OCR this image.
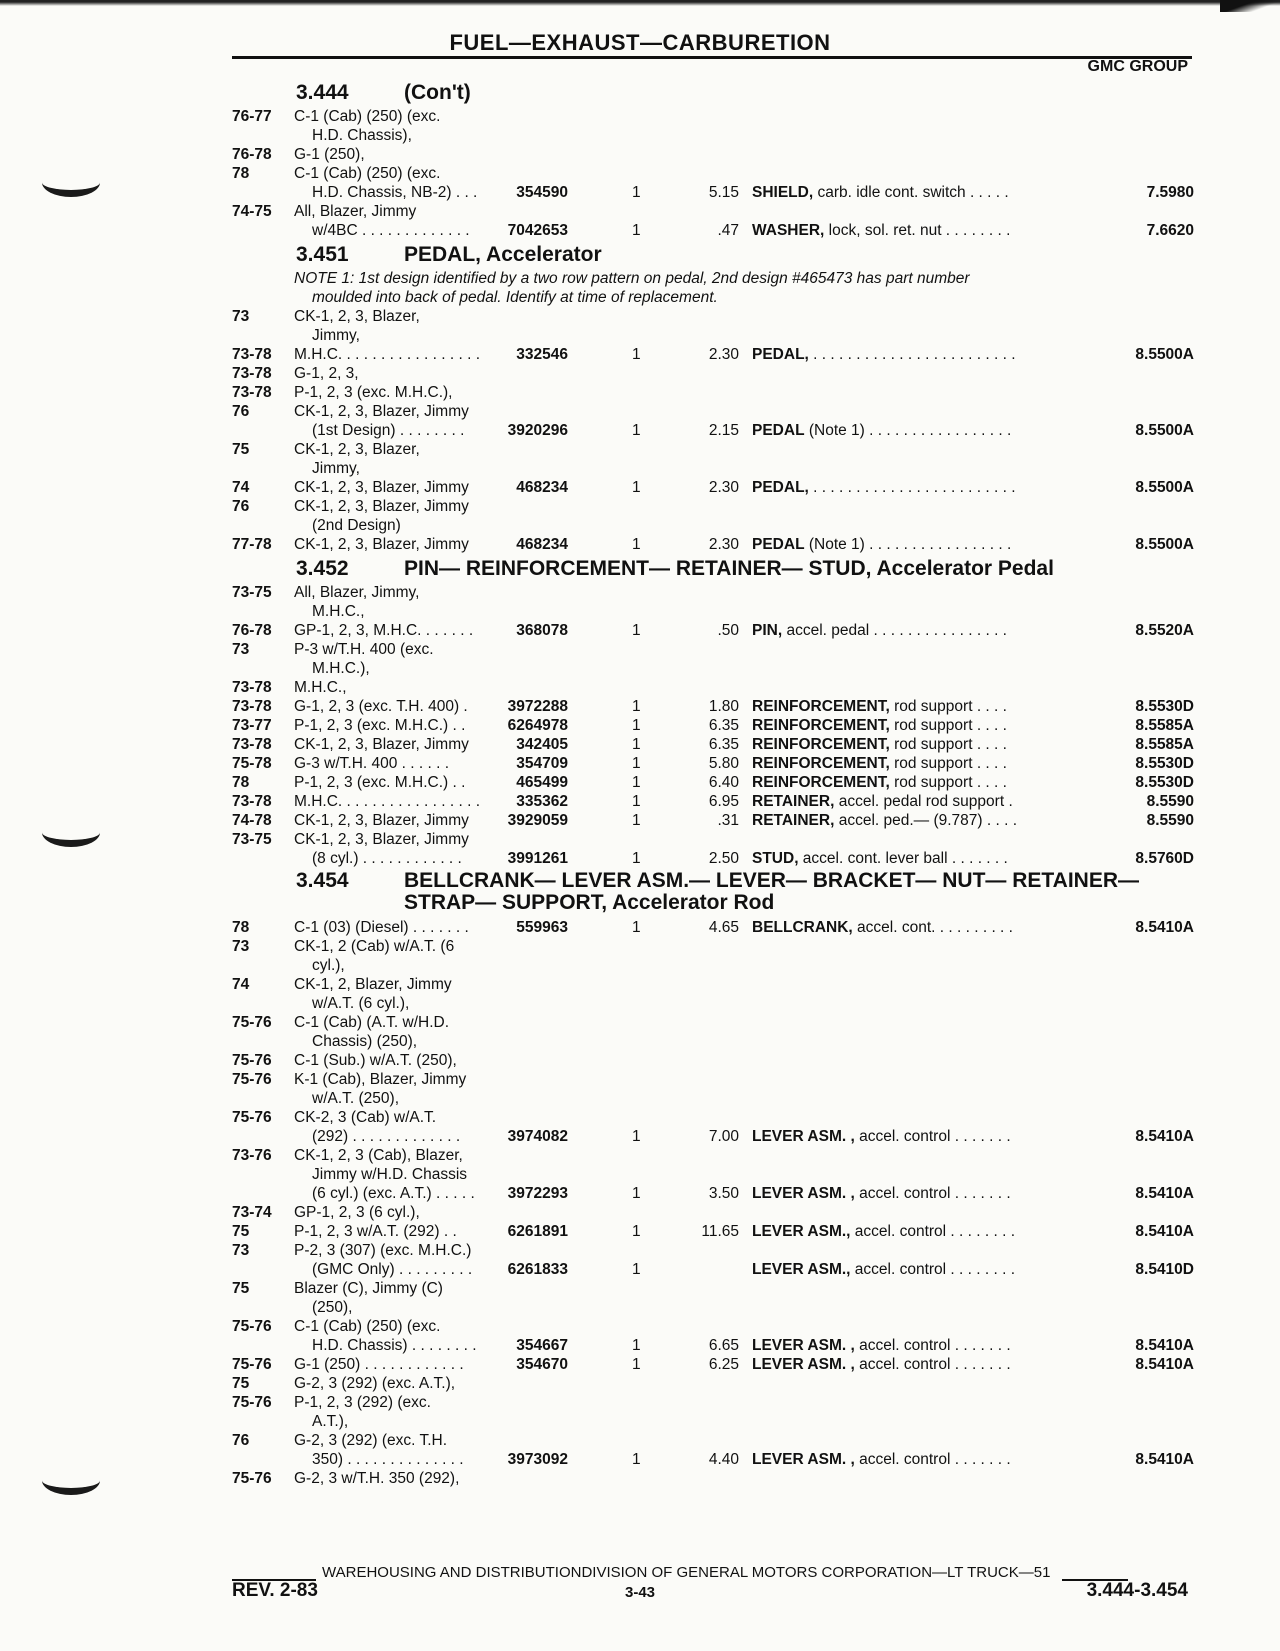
FUEL—EXHAUST—CARBURETION
GMC GROUP
3.444	(Con't)
76-77 C-1 (Cab) (250) (exc.
H.D. Chassis),
76-78 G-1 (250),
78	C-1 (Cab) (250) (exc.
H.D. Chassis, NB-2) . . .	354590	1	5.15 SHIELD, carb. idle cont. switch . . . . .	7.5980
74-75 All, Blazer, Jimmy
w/4BC . . . . . . . . . . . . . 7042653	1	.47 WASHER, lock, sol. ret. nut . . . . . . . .	7.6620
3.451	PEDAL, Accelerator
NOTE 1: 1st design identified by a two row pattern on pedal, 2nd design #465473 has part number
moulded into back of pedal. Identify at time of replacement.
73	CK-1, 2, 3, Blazer,
Jimmy,
73-78 M.H.C. . . . . . . . . . . . . . . . . 332546	1	2.30 PEDAL, . . . . . . . . . . . . . . . . . . . . . . . .	8.5500A
73-78 G-1, 2, 3,
73-78 P-1, 2, 3 (exc. M.H.C.),
76	CK-1, 2, 3, Blazer, Jimmy
(1st Design) . . . . . . . .	3920296	1	2.15 PEDAL (Note 1) . . . . . . . . . . . . . . . . .	8.5500A
75	CK-1, 2, 3, Blazer,
Jimmy,
74	CK-1, 2, 3, Blazer, Jimmy	468234	1	2.30 PEDAL, . . . . . . . . . . . . . . . . . . . . . . . .	8.5500A
76	CK-1, 2, 3, Blazer, Jimmy
(2nd Design)
77-78 CK-1, 2, 3, Blazer, Jimmy	468234	1	2.30 PEDAL (Note 1) . . . . . . . . . . . . . . . . .	8.5500A
3.452	PIN— REINFORCEMENT— RETAINER— STUD, Accelerator Pedal
73-75 All, Blazer, Jimmy,
M.H.C.,
76-78 GP-1, 2, 3, M.H.C. . . . . . .	368078	1	.50 PIN, accel. pedal . . . . . . . . . . . . . . . .	8.5520A
73	P-3 w/T.H. 400 (exc.
M.H.C.),
73-78 M.H.C.,
73-78 G-1, 2, 3 (exc. T.H. 400) .	3972288	1	1.80 REINFORCEMENT, rod support . . . .	8.5530D
73-77 P-1, 2, 3 (exc. M.H.C.) . .	6264978	1	6.35 REINFORCEMENT, rod support . . . .	8.5585A
73-78 CK-1, 2, 3, Blazer, Jimmy	342405	1	6.35 REINFORCEMENT, rod support . . . .	8.5585A
75-78 G-3 w/T.H. 400 . . . . . .	354709	1	5.80 REINFORCEMENT, rod support . . . .	8.5530D
78	P-1, 2, 3 (exc. M.H.C.) . .	465499	1	6.40 REINFORCEMENT, rod support . . . .	8.5530D
73-78 M.H.C. . . . . . . . . . . . . . . . . 335362	1	6.95 RETAINER, accel. pedal rod support .	8.5590
74-78 CK-1, 2, 3, Blazer, Jimmy	3929059	1	.31 RETAINER, accel. ped.— (9.787) . . . .	8.5590
73-75 CK-1, 2, 3, Blazer, Jimmy
(8 cyl.) . . . . . . . . . . . .	3991261	1	2.50 STUD, accel. cont. lever ball . . . . . . .	8.5760D
3.454	BELLCRANK— LEVER ASM.— LEVER— BRACKET— NUT— RETAINER—
STRAP— SUPPORT, Accelerator Rod
78	C-1 (03) (Diesel) . . . . . . .	559963	1	4.65 BELLCRANK, accel. cont. . . . . . . . . .	8.5410A
73	CK-1, 2 (Cab) w/A.T. (6
cyl.),
74	CK-1, 2, Blazer, Jimmy
w/A.T. (6 cyl.),
75-76 C-1 (Cab) (A.T. w/H.D.
Chassis) (250),
75-76 C-1 (Sub.) w/A.T. (250),
75-76 K-1 (Cab), Blazer, Jimmy
w/A.T. (250),
75-76 CK-2, 3 (Cab) w/A.T.
(292) . . . . . . . . . . . . .	3974082	1	7.00 LEVER ASM. , accel. control . . . . . . .	8.5410A
73-76 CK-1, 2, 3 (Cab), Blazer,
Jimmy w/H.D. Chassis
(6 cyl.) (exc. A.T.) . . . . . 3972293	1	3.50 LEVER ASM. , accel. control . . . . . . .	8.5410A
73-74 GP-1, 2, 3 (6 cyl.),
75	P-1, 2, 3 w/A.T. (292) . .	6261891	1	11.65 LEVER ASM., accel. control . . . . . . . .	8.5410A
73	P-2, 3 (307) (exc. M.H.C.)
(GMC Only) . . . . . . . . . 6261833	1	LEVER ASM., accel. control . . . . . . . .	8.5410D
75	Blazer (C), Jimmy (C)
(250),
75-76 C-1 (Cab) (250) (exc.
H.D. Chassis) . . . . . . . .	354667	1	6.65 LEVER ASM. , accel. control . . . . . . .	8.5410A
75-76 G-1 (250) . . . . . . . . . . . .	354670	1	6.25 LEVER ASM. , accel. control . . . . . . .	8.5410A
75	G-2, 3 (292) (exc. A.T.),
75-76 P-1, 2, 3 (292) (exc.
A.T.),
76	G-2, 3 (292) (exc. T.H.
350) . . . . . . . . . . . . . .	3973092	1	4.40 LEVER ASM. , accel. control . . . . . . .	8.5410A
75-76 G-2, 3 w/T.H. 350 (292),
WAREHOUSING AND DISTRIBUTIONDIVISION OF GENERAL MOTORS CORPORATION—LT TRUCK—51
REV. 2-83	3-43	3.444-3.454
